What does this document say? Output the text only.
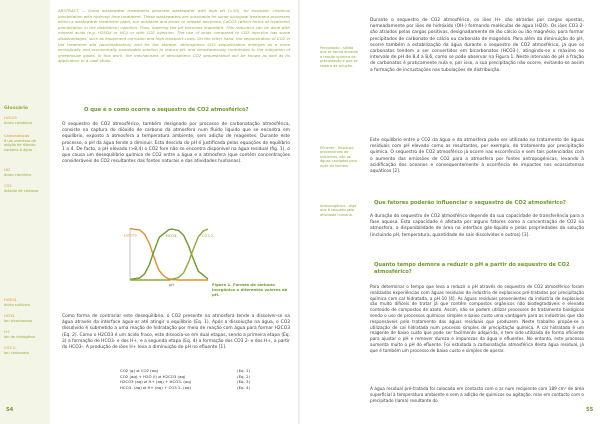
ABSTRACT — Some wastewater treatments generate wastewater with high pH (>10), for example: chemical precipitation with hydroxyl lime treatment. These wastewaters are unsuitable for some biological treatment processes within a wastewater treatment plant, nor available and prone to release ammonia. CaCO3 (which forms at treatment precipitation in the distillation) injection. Thus, lowering the pH becomes important. This reduction can be done with mineral acids (e.g. H2SO4 or HCl) or with CO2 injection. The use of acids compared to CO2 injection has some disadvantages, such as equipment corrosion and high transport costs. On the other hand, the sequestration of CO2 in the treatment site (acclimatization) and for the storage. Atmospheric CO2 sequestration emerges as a more ecologically and economically sustainable solution to reduce pH, and simultaneously contributes to the mitigation of greenhouse gases. In this work, the mechanisms of atmospheric CO2 sequestration will be known as well as its application to a case study.
Glossário
H2CO3
ácido carbônico
Carbonatação
é um processo de adição de dióxido carbono à água
HCl
ácido clorídrico
CO2
dióxido de carbono
H2SO4
ácido sulfúrico
HCO3-
íon bicarbonato
H+
íon de hidrogênio
CO3 2-
íon carbonato
O que é o como ocorre o sequestro de CO2 atmosférico?
O sequestro de CO2 atmosférico, também designado por processo de carbonatação atmosférica, consiste na captura do dióxido de carbono da atmosfera num fluido líquido que se encontra em equilíbrio, exposto à atmosfera a temperatura ambiente, sem adição de reagentes. Durante este processo, o pH da água tende a diminuir. Esta descida do pH é justificada pelas equações de equilíbrio 1 a 4. De facto, a pH elevado (>8,4) o CO2 fore não se encontra disponível na água residual (fig. 1), o que causa um desequilíbrio químico de CO2 entre a água e a atmosfera (que contém concentrações consideráveis de CO2 resultantes das fontes naturais e das atividades humanas).
H2CO3	HCO3-	CO3 2-
pH	Figura 1. Formas de carbono inorgânico a diferentes valores de pH.
Como forma de contrariar este desequilíbrio, o CO2 presente na atmosfera tende a dissolver-se na água através da interface água-ar até atingir o equilíbrio (Eq. 1). Após a dissolução na água, o CO2 dissolvido é submetido a uma reação de hidratação por meio de reação com água para formar H2CO3 (Eq. 2). Como o H2CO3 é um ácido fraco, este dissocia-se em dual etapas, sendo a primeira etapa (Eq. 3) a formação de HCO3- e dos H+, e a segunda etapa (Eq. 4) a formação dos CO3 2- e dos H+, a partir do HCO3-. A produção de íões H+ leva a diminuição do pH no efluente [1].
CO2 (g) ⇌ CO2 (aq)	(Eq. 1)
CO2 (aq) + H2O (l) ⇌ H2CO3 (aq)	(Eq. 2)
H2CO3 (aq) ⇌ H+ (aq) + HCO3- (aq)	(Eq. 3)
HCO3- (aq) ⇌ H+ (aq) + CO3 2- (aq)	(Eq. 4)
54
Precipitado - sólido que se forma durante a reação química de precipitação e que se separa da solução.
Efluente - Resíduos provenientes de indústrias, são as águas causadas pela ação do homem.
Antropogênico - algo que é causado pela atividade humana.
Durante o sequestro de CO2 atmosférico, os íões H+ são atraídos por cargas opostas, nomeadamente por iões de hidróxido (OH-) formando moléculas de água (H2O). Os iões CO3 2- são atraídos pelas cargas positivas, designadamente de ião cálcio ou ião magnésio, para formar precipitados de carbonato de cálcio ou carbonato de magnésio. Para além da diminuição do pH, ocorre também a estabilização da água durante o sequestro de CO2 atmosférico, já que os carbonatos tendem a ser convertidos em bicarbonatos (HCO3-), atingindo-se o máximo no intervalo de pH de 8,4 a 8,6, como se pode observar na Figura 1. Neste intervalo de pH a fração de carbonatos é praticamente nula e, por isso, a sua precipitação não ocorre, evitando-se assim a formação de incrustações nas tubulações de distribuição.
Este equilíbrio entre o CO2 da água e da atmosfera pode ser utilizado no tratamento de águas residuais com pH elevado como as resultantes, por exemplo, do tratamento por precipitação química. O sequestro de CO2 atmosférico já ocorre nas escorrência e sem tais potenciadas com o aumento das emissões de CO2 para a atmosfera por fontes antropogénicas, levando à acidificação dos oceanos e consequentemente à ocorrência de impactes nos ecossistemas aquáticos [2].
Que fatores poderão influenciar o sequestro de CO2 atmosférico?
A duração do sequestro de CO2 atmosférico depende da sua capacidade de transferência para a fase aquosa. Esta capacidade é afetada por alguns fatores como a concentração de CO2 na atmosfera, a disponibilidade de área na interface gás-líquido e pelas propriedades da solução (incluindo pH, temperatura, quantidade de sais dissolvidos e outros) [3].
Quanto tempo demora a reduzir o pH a partir do sequestro de CO2 atmosférico?
Para determinar o tempo que leva a reduzir o pH através do sequestro de CO2 atmosférico foram realizadas experiências com águas residuais da indústria de explosivos pré-tratadas por precipitação química com cal hidratada, a pH 10 [4]. As águas residuais provenientes da indústria de explosivos são muito difíceis de tratar já que contêm compostos orgânicos não biodegradáveis e elevado conteúdo de compostos de azoto. Assim, não se podem utilizar processos de tratamento biológicos sendo o uso de processos químicos simples e baixo custo uma vantagem para as indústrias que são responsáveis pelo tratamento das águas residuais que produzem. Neste trabalho propõe-se a utilização de cal hidratada num processo simples de precipitação química. A cal hidratada é um reagente de baixo custo que pode ser facilmente adquirida, e tem sido utilizada de forma eficiente para ajustar o pH e remover dureza e impurezas da água e efluentes. No entanto, este processo aumenta muito o pH do efluente. Foi estudada a carbonatação atmosférica desta água residual, já que é também um processo de baixo custo e simples de operar.
A água residual pré-tratada foi colocada em contacto com o ar num recipiente com 189 cm² de área superficial à temperatura ambiente e sem a adição de químicos ou agitação, mas em contacto com o precipitado (lama) resultante do
55
